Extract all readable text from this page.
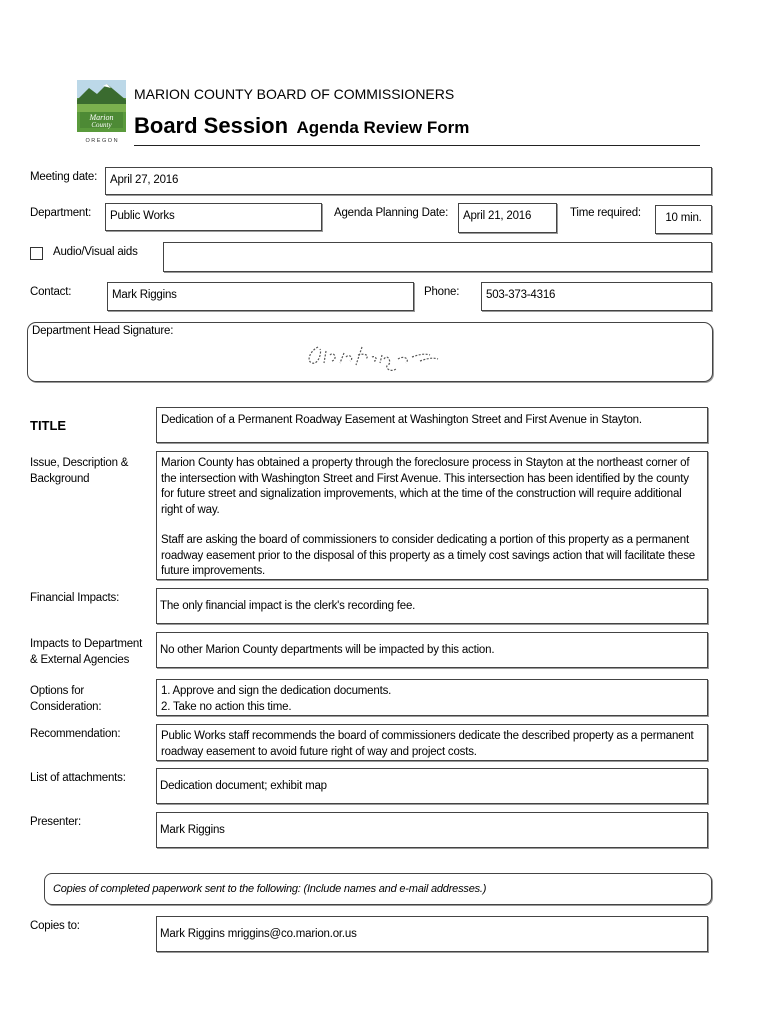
Marion
County
O R E G O N
MARION COUNTY BOARD OF COMMISSIONERS
Board Session Agenda Review Form
Meeting date:	April 27, 2016
Department:	Public Works	Agenda Planning Date:	April 21, 2016	Time required:	10 min.
Audio/Visual aids
Contact:	Mark Riggins	Phone:	503-373-4316
Department Head Signature:
TITLE	Dedication of a Permanent Roadway Easement at Washington Street and First Avenue in Stayton.
Issue, Description &
Background

Marion County has obtained a property through the foreclosure process in Stayton at the northeast corner of the intersection with Washington Street and First Avenue. This intersection has been identified by the county for future street and signalization improvements, which at the time of the construction will require additional right of way.

Staff are asking the board of commissioners to consider dedicating a portion of this property as a permanent roadway easement prior to the disposal of this property as a timely cost savings action that will facilitate these future improvements.

Financial Impacts:
The only financial impact is the clerk's recording fee.
Impacts to Department
& External Agencies
No other Marion County departments will be impacted by this action.
Options for
Consideration:
1. Approve and sign the dedication documents.
2. Take no action this time.
Recommendation:	Public Works staff recommends the board of commissioners dedicate the described property as a permanent roadway easement to avoid future right of way and project costs.
List of attachments:
Dedication document; exhibit map
Presenter:
Mark Riggins
Copies of completed paperwork sent to the following: (Include names and e-mail addresses.)
Copies to:
Mark Riggins mriggins@co.marion.or.us
